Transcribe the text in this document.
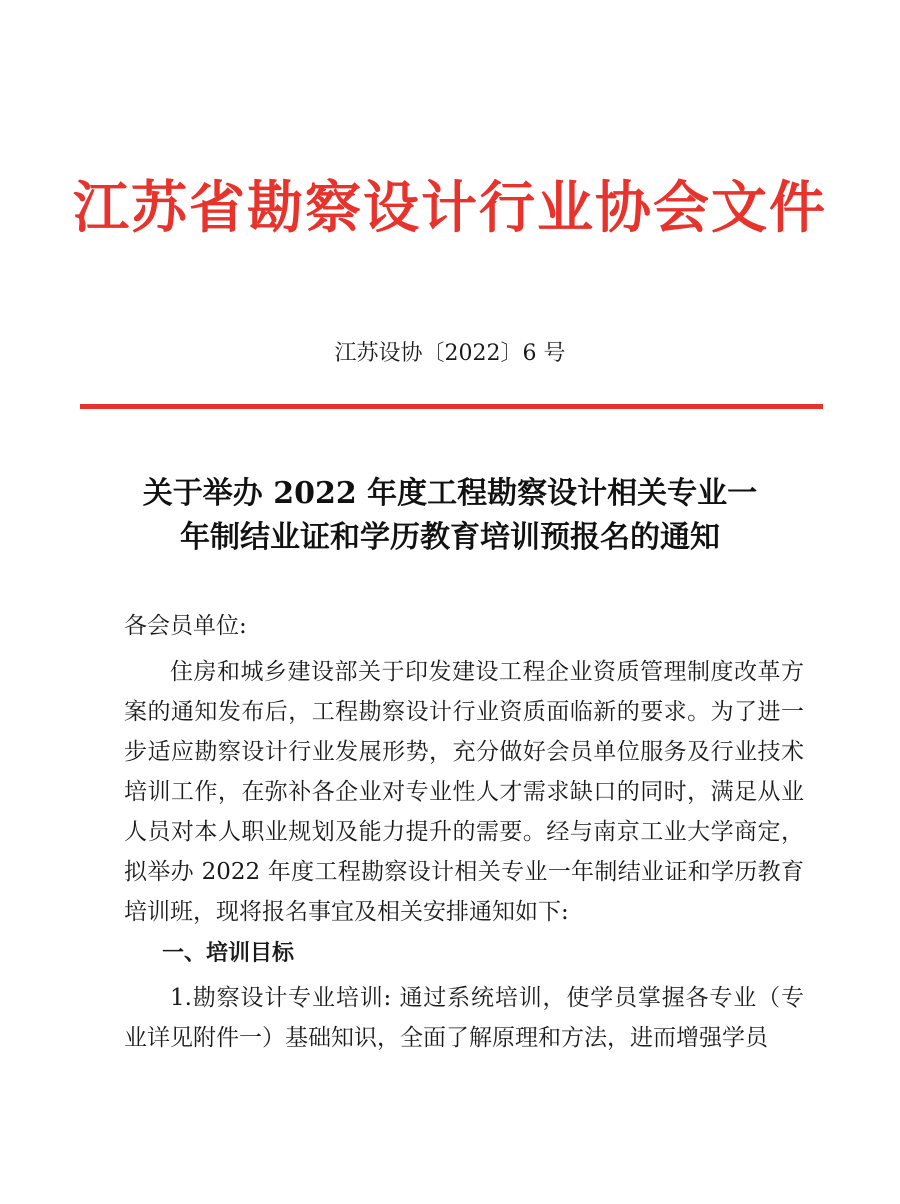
江苏省勘察设计行业协会文件
江苏设协〔2022〕6 号
关于举办 2022 年度工程勘察设计相关专业一
年制结业证和学历教育培训预报名的通知

各会员单位:

住房和城乡建设部关于印发建设工程企业资质管理制度改革方案的通知发布后，工程勘察设计行业资质面临新的要求。为了进一步适应勘察设计行业发展形势，充分做好会员单位服务及行业技术培训工作，在弥补各企业对专业性人才需求缺口的同时，满足从业人员对本人职业规划及能力提升的需要。经与南京工业大学商定，拟举办 2022 年度工程勘察设计相关专业一年制结业证和学历教育培训班，现将报名事宜及相关安排通知如下:

一、培训目标

1.勘察设计专业培训: 通过系统培训，使学员掌握各专业（专业详见附件一）基础知识，全面了解原理和方法，进而增强学员
